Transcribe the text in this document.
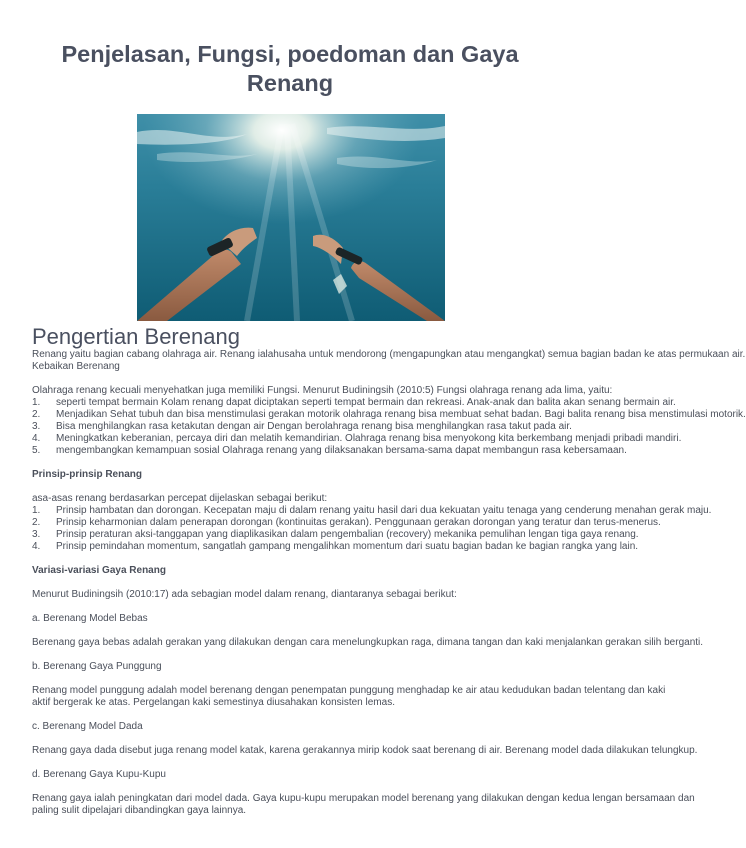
Penjelasan, Fungsi, poedoman dan Gaya Renang
Pengertian Berenang

Renang yaitu bagian cabang olahraga air. Renang ialahusaha untuk mendorong (mengapungkan atau mengangkat) semua bagian badan ke atas permukaan air.

Kebaikan Berenang

Olahraga renang kecuali menyehatkan juga memiliki Fungsi. Menurut Budiningsih (2010:5) Fungsi olahraga renang ada lima, yaitu:

1. seperti tempat bermain Kolam renang dapat diciptakan seperti tempat bermain dan rekreasi. Anak-anak dan balita akan senang bermain air.
2. Menjadikan Sehat tubuh dan bisa menstimulasi gerakan motorik olahraga renang bisa membuat sehat badan. Bagi balita renang bisa menstimulasi motorik.
3. Bisa menghilangkan rasa ketakutan dengan air Dengan berolahraga renang bisa menghilangkan rasa takut pada air.
4. Meningkatkan keberanian, percaya diri dan melatih kemandirian. Olahraga renang bisa menyokong kita berkembang menjadi pribadi mandiri.
5. mengembangkan kemampuan sosial Olahraga renang yang dilaksanakan bersama-sama dapat membangun rasa kebersamaan.

Prinsip-prinsip Renang

asa-asas renang berdasarkan percepat dijelaskan sebagai berikut:

1. Prinsip hambatan dan dorongan. Kecepatan maju di dalam renang yaitu hasil dari dua kekuatan yaitu tenaga yang cenderung menahan gerak maju.
2. Prinsip keharmonian dalam penerapan dorongan (kontinuitas gerakan). Penggunaan gerakan dorongan yang teratur dan terus-menerus.
3. Prinsip peraturan aksi-tanggapan yang diaplikasikan dalam pengembalian (recovery) mekanika pemulihan lengan tiga gaya renang.
4. Prinsip pemindahan momentum, sangatlah gampang mengalihkan momentum dari suatu bagian badan ke bagian rangka yang lain.

Variasi-variasi Gaya Renang

Menurut Budiningsih (2010:17) ada sebagian model dalam renang, diantaranya sebagai berikut:

a. Berenang Model Bebas

Berenang gaya bebas adalah gerakan yang dilakukan dengan cara menelungkupkan raga, dimana tangan dan kaki menjalankan gerakan silih berganti.

b. Berenang Gaya Punggung

Renang model punggung adalah model berenang dengan penempatan punggung menghadap ke air atau kedudukan badan telentang dan kaki

aktif bergerak ke atas. Pergelangan kaki semestinya diusahakan konsisten lemas.

c. Berenang Model Dada

Renang gaya dada disebut juga renang model katak, karena gerakannya mirip kodok saat berenang di air. Berenang model dada dilakukan telungkup.

d. Berenang Gaya Kupu-Kupu

Renang gaya ialah peningkatan dari model dada. Gaya kupu-kupu merupakan model berenang yang dilakukan dengan kedua lengan bersamaan dan

paling sulit dipelajari dibandingkan gaya lainnya.
